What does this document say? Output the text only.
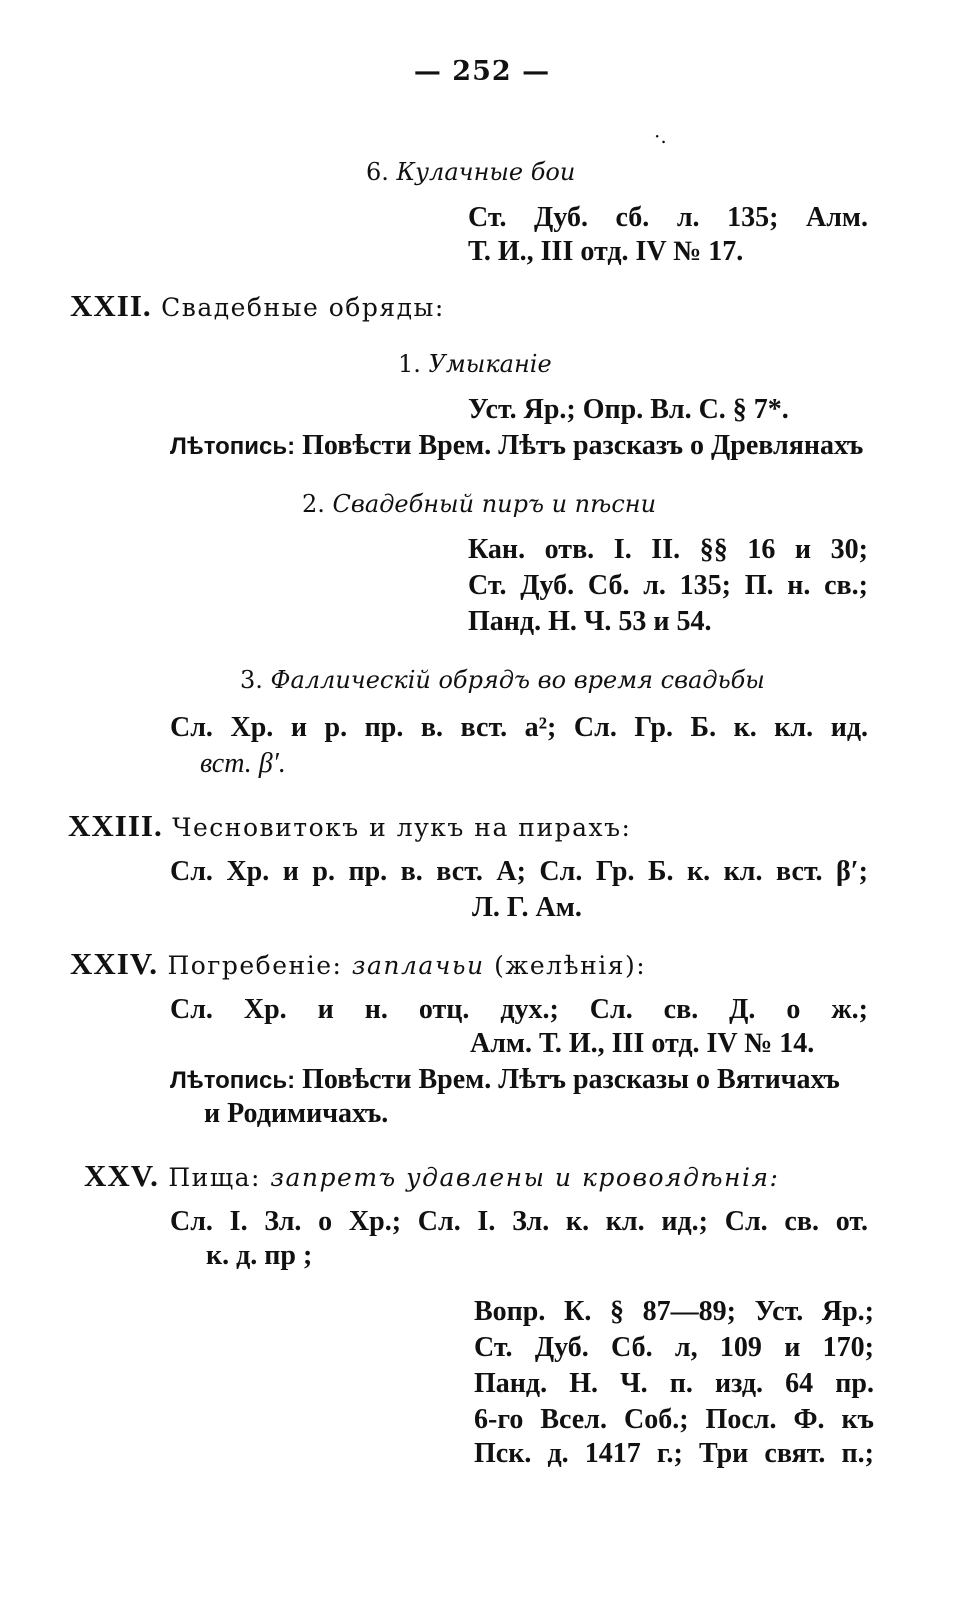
— 252 —
·.
6. Кулачные бои
Ст. Дуб. сб. л. 135; Алм.
Т. И., III отд. IV № 17.
XXII. Свадебные обряды:
1. Умыканіе
Уст. Яр.; Опр. Вл. С. § 7*.
Лѣтопись: Повѣсти Врем. Лѣтъ разсказъ о Древлянахъ
2. Свадебный пиръ и пѣсни
Кан. отв. I. II. §§ 16 и 30;
Ст. Дуб. Сб. л. 135; П. н. св.;
Панд. Н. Ч. 53 и 54.
3. Фаллическій обрядъ во время свадьбы
Сл. Хр. и р. пр. в. вст. а²; Сл. Гр. Б. к. кл. ид.
вст. β′.
XXIII. Чесновитокъ и лукъ на пирахъ:
Сл. Хр. и р. пр. в. вст. А; Сл. Гр. Б. к. кл. вст. β′;
Л. Г. Ам.
XXIV. Погребеніе: заплачьи (желѣнія):
Сл. Хр. и н. отц. дух.; Сл. св. Д. о ж.;
Алм. Т. И., III отд. IV № 14.
Лѣтопись: Повѣсти Врем. Лѣтъ разсказы о Вятичахъ
и Родимичахъ.
XXV. Пища: запретъ удавлены и кровоядѣнія:
Сл. I. Зл. о Хр.; Сл. I. Зл. к. кл. ид.; Сл. св. от.
к. д. пр ;
Вопр. К. § 87—89; Уст. Яр.;
Ст. Дуб. Сб. л, 109 и 170;
Панд. Н. Ч. п. изд. 64 пр.
6-го Всел. Соб.; Посл. Ф. къ
Пск. д. 1417 г.; Три свят. п.;
